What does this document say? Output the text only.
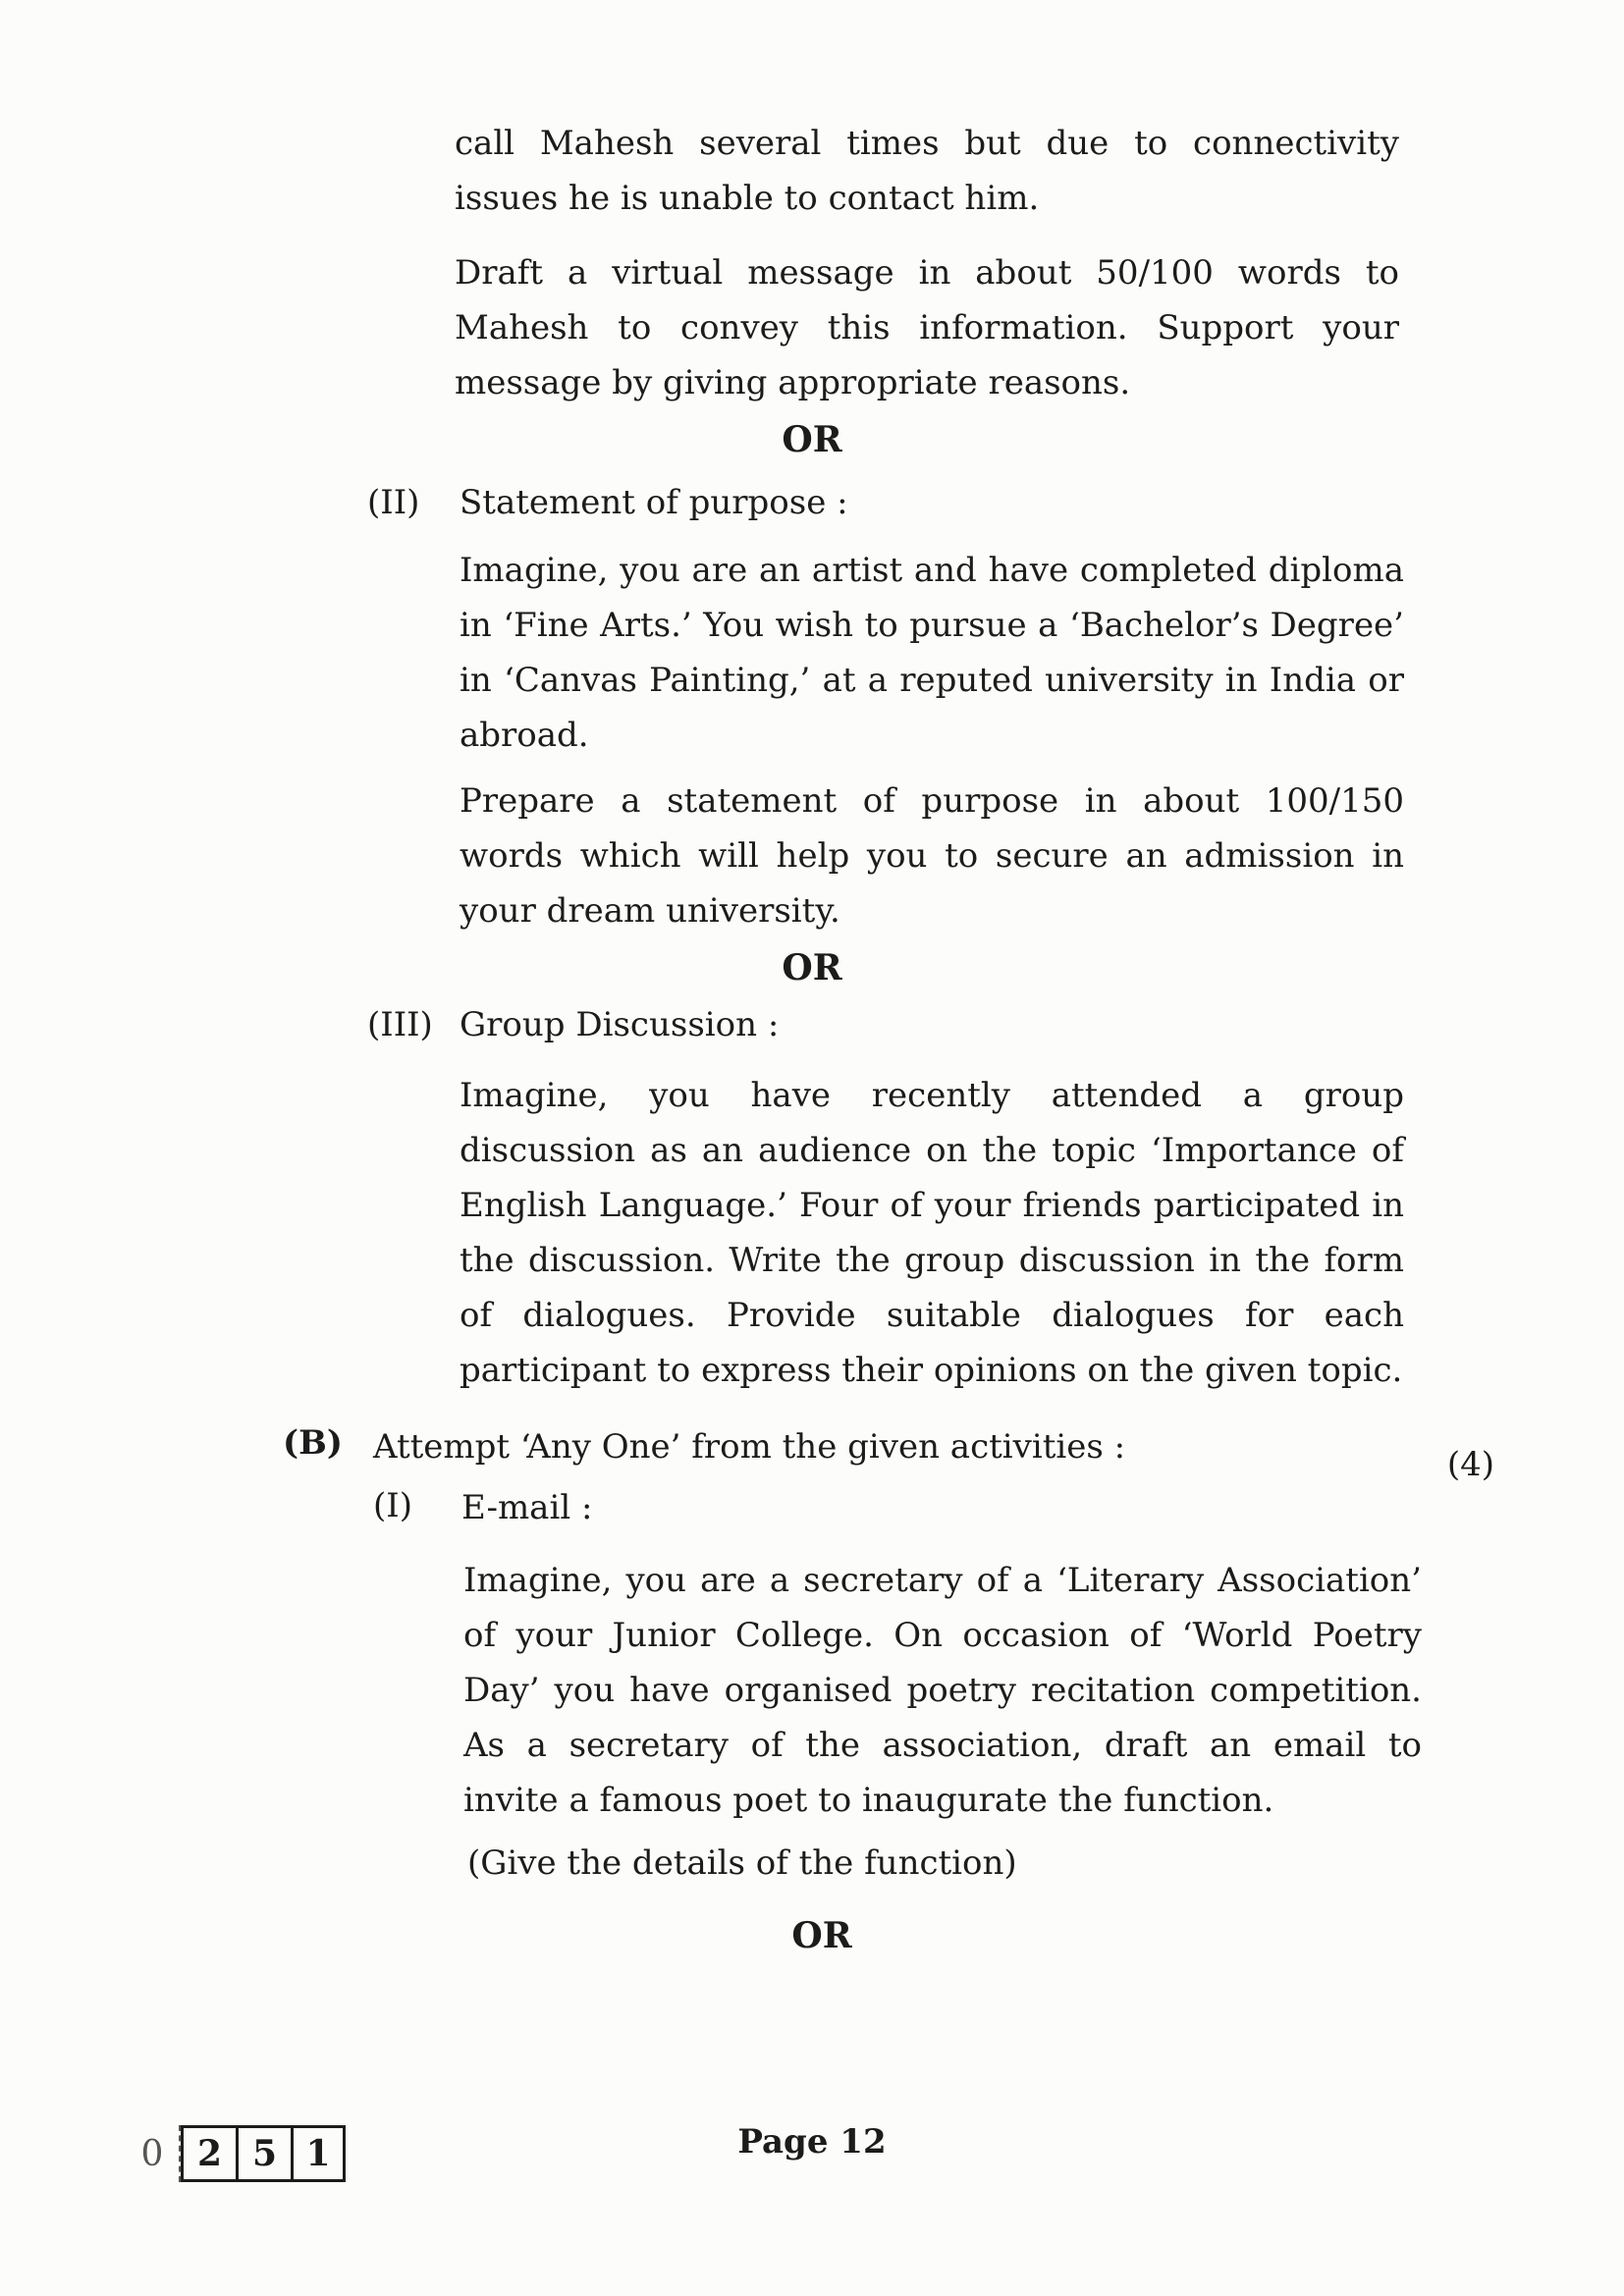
call Mahesh several times but due to connectivity issues he is unable to contact him.

Draft a virtual message in about 50/100 words to Mahesh to convey this information. Support your message by giving appropriate reasons.

OR
(II) Statement of purpose :

Imagine, you are an artist and have completed diploma in ‘Fine Arts.’ You wish to pursue a ‘Bachelor’s Degree’ in ‘Canvas Painting,’ at a reputed university in India or abroad.

Prepare a statement of purpose in about 100/150 words which will help you to secure an admission in your dream university.

OR
(III) Group Discussion :

Imagine, you have recently attended a group discussion as an audience on the topic ‘Importance of English Language.’ Four of your friends participated in the discussion. Write the group discussion in the form of dialogues. Provide suitable dialogues for each participant to express their opinions on the given topic.

(B) Attempt ‘Any One’ from the given activities :	(4)
(I) E-mail :

Imagine, you are a secretary of a ‘Literary Association’ of your Junior College. On occasion of ‘World Poetry Day’ you have organised poetry recitation competition. As a secretary of the association, draft an email to invite a famous poet to inaugurate the function.

(Give the details of the function)

OR
0 2 5 1	Page 12
